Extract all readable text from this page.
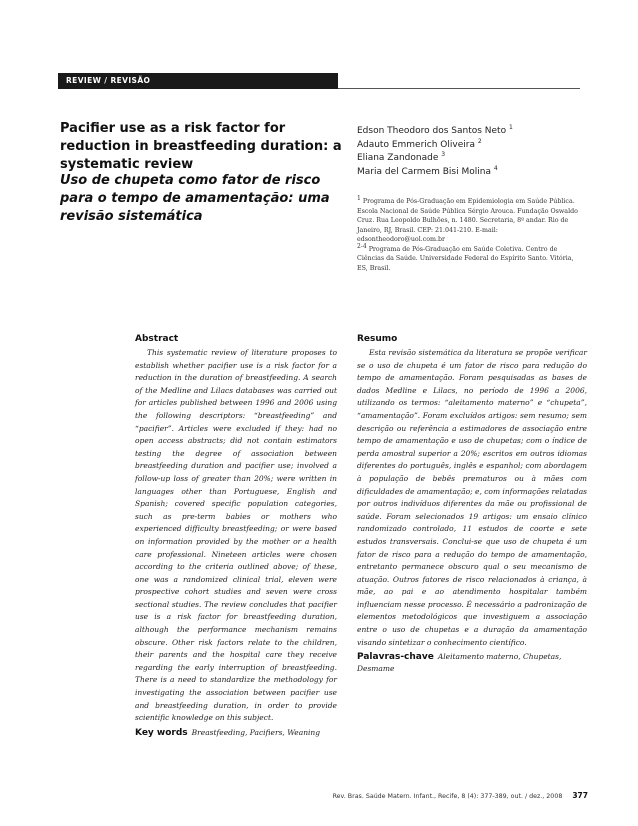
REVIEW / REVISÃO
Pacifier use as a risk factor for reduction in breastfeeding duration: a systematic review
Uso de chupeta como fator de risco para o tempo de amamentação: uma revisão sistemática
Edson Theodoro dos Santos Neto $^1$
Adauto Emmerich Oliveira $^2$
Eliana Zandonade $^3$
Maria del Carmem Bisi Molina $^4$

$^1$ Programa de Pós-Graduação em Epidemiologia em Saúde Pública. Escola Nacional de Saúde Pública Sérgio Arouca. Fundação Oswaldo Cruz. Rua Leopoldo Bulhões, n. 1480. Secretaria, 8º andar. Rio de Janeiro, RJ, Brasil. CEP: 21.041-210. E-mail: edsontheodoro@uol.com.br

$^{2-4}$ Programa de Pós-Graduação em Saúde Coletiva. Centro de Ciências da Saúde. Universidade Federal do Espírito Santo. Vitória, ES, Brasil.

Abstract

This systematic review of literature proposes to establish whether pacifier use is a risk factor for a reduction in the duration of breastfeeding. A search of the Medline and Lilacs databases was carried out for articles published between 1996 and 2006 using the following descriptors: “breastfeeding” and “pacifier”. Articles were excluded if they: had no open access abstracts; did not contain estimators testing the degree of association between breastfeeding duration and pacifier use; involved a follow-up loss of greater than 20%; were written in languages other than Portuguese, English and Spanish; covered specific population categories, such as pre-term babies or mothers who experienced difficulty breastfeeding; or were based on information provided by the mother or a health care professional. Nineteen articles were chosen according to the criteria outlined above; of these, one was a randomized clinical trial, eleven were prospective cohort studies and seven were cross sectional studies. The review concludes that pacifier use is a risk factor for breastfeeding duration, although the performance mechanism remains obscure. Other risk factors relate to the children, their parents and the hospital care they receive regarding the early interruption of breastfeeding. There is a need to standardize the methodology for investigating the association between pacifier use and breastfeeding duration, in order to provide scientific knowledge on this subject.

Key words Breastfeeding, Pacifiers, Weaning

Resumo

Esta revisão sistemática da literatura se propõe verificar se o uso de chupeta é um fator de risco para redução do tempo de amamentação. Foram pesquisadas as bases de dados Medline e Lilacs, no período de 1996 a 2006, utilizando os termos: “aleitamento materno” e “chupeta”, “amamentação”. Foram excluídos artigos: sem resumo; sem descrição ou referência a estimadores de associação entre tempo de amamentação e uso de chupetas; com o índice de perda amostral superior a 20%; escritos em outros idiomas diferentes do português, inglês e espanhol; com abordagem à população de bebês prematuros ou à mães com dificuldades de amamentação; e, com informações relatadas por outros indivíduos diferentes da mãe ou profissional de saúde. Foram selecionados 19 artigos: um ensaio clínico randomizado controlado, 11 estudos de coorte e sete estudos transversais. Conclui-se que uso de chupeta é um fator de risco para a redução do tempo de amamentação, entretanto permanece obscuro qual o seu mecanismo de atuação. Outros fatores de risco relacionados à criança, à mãe, ao pai e ao atendimento hospitalar também influenciam nesse processo. É necessário a padronização de elementos metodológicos que investiguem a associação entre o uso de chupetas e a duração da amamentação visando sintetizar o conhecimento científico.

Palavras-chave Aleitamento materno, Chupetas, Desmame

Rev. Bras. Saúde Matern. Infant., Recife, 8 (4): 377-389, out. / dez., 2008 377
